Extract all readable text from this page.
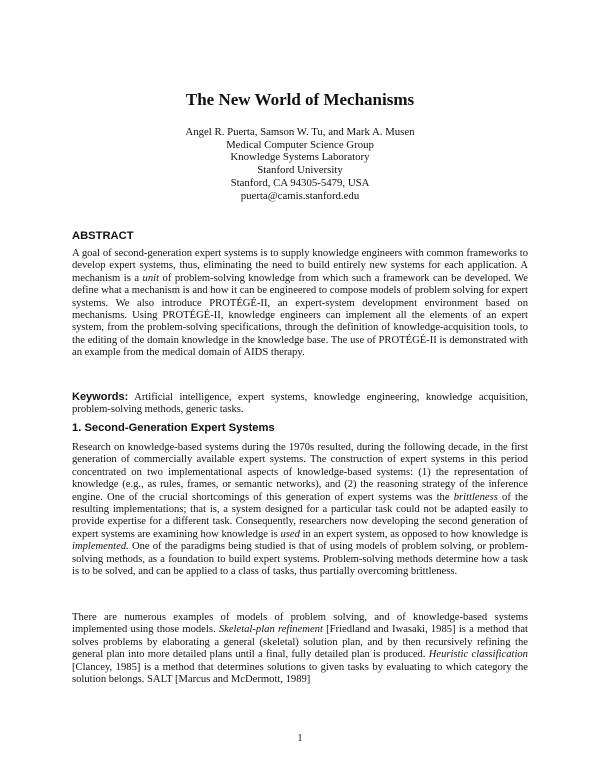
The New World of Mechanisms
Angel R. Puerta, Samson W. Tu, and Mark A. Musen
Medical Computer Science Group
Knowledge Systems Laboratory
Stanford University
Stanford, CA 94305-5479, USA
puerta@camis.stanford.edu
ABSTRACT

A goal of second-generation expert systems is to supply knowledge engineers with common frameworks to develop expert systems, thus, eliminating the need to build entirely new systems for each application. A mechanism is a unit of problem-solving knowledge from which such a framework can be developed. We define what a mechanism is and how it can be engineered to compose models of problem solving for expert systems. We also introduce PROTÉGÉ-II, an expert-system development environment based on mechanisms. Using PROTÉGÉ-II, knowledge engineers can implement all the elements of an expert system, from the problem-solving specifications, through the definition of knowledge-acquisition tools, to the editing of the domain knowledge in the knowledge base. The use of PROTÉGÉ-II is demonstrated with an example from the medical domain of AIDS therapy.

Keywords: Artificial intelligence, expert systems, knowledge engineering, knowledge acquisition, problem-solving methods, generic tasks.

1. Second-Generation Expert Systems

Research on knowledge-based systems during the 1970s resulted, during the following decade, in the first generation of commercially available expert systems. The construction of expert systems in this period concentrated on two implementational aspects of knowledge-based systems: (1) the representation of knowledge (e.g., as rules, frames, or semantic networks), and (2) the reasoning strategy of the inference engine. One of the crucial shortcomings of this generation of expert systems was the brittleness of the resulting implementations; that is, a system designed for a particular task could not be adapted easily to provide expertise for a different task. Consequently, researchers now developing the second generation of expert systems are examining how knowledge is used in an expert system, as opposed to how knowledge is implemented. One of the paradigms being studied is that of using models of problem solving, or problem-solving methods, as a foundation to build expert systems. Problem-solving methods determine how a task is to be solved, and can be applied to a class of tasks, thus partially overcoming brittleness.

There are numerous examples of models of problem solving, and of knowledge-based systems implemented using those models. Skeletal-plan refinement [Friedland and Iwasaki, 1985] is a method that solves problems by elaborating a general (skeletal) solution plan, and by then recursively refining the general plan into more detailed plans until a final, fully detailed plan is produced. Heuristic classification [Clancey, 1985] is a method that determines solutions to given tasks by evaluating to which category the solution belongs. SALT [Marcus and McDermott, 1989]

1
